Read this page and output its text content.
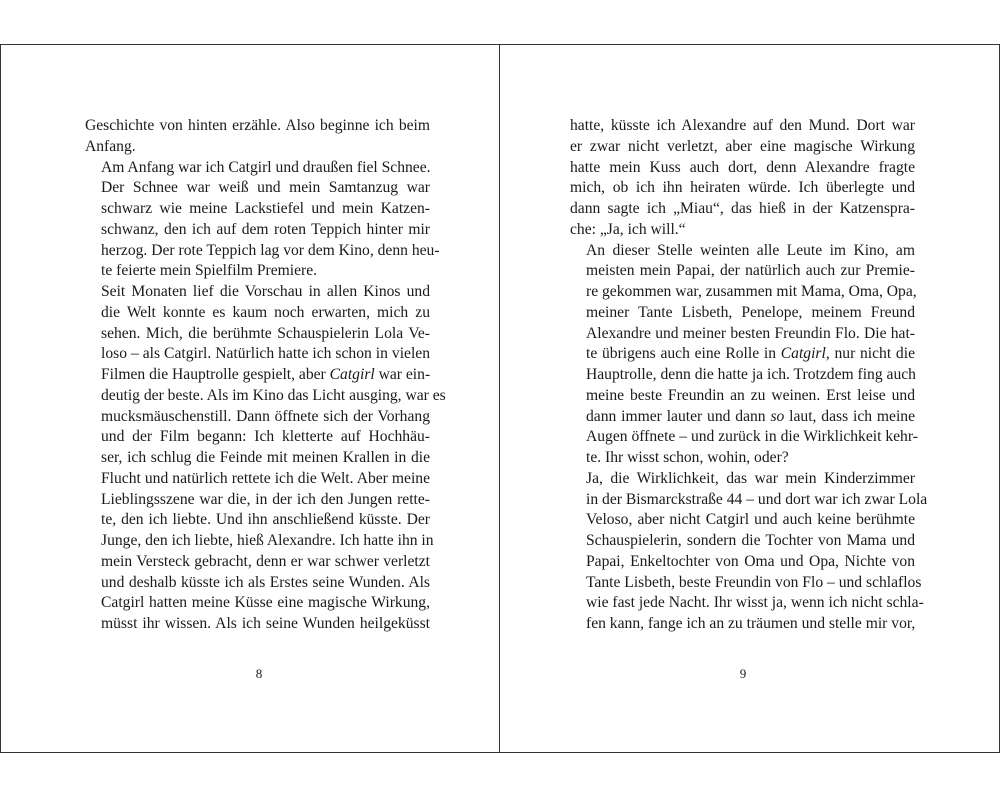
Geschichte von hinten erzähle. Also beginne ich beim
Anfang.

Am Anfang war ich Catgirl und draußen fiel Schnee.
Der Schnee war weiß und mein Samtanzug war
schwarz wie meine Lackstiefel und mein Katzen-
schwanz, den ich auf dem roten Teppich hinter mir
herzog. Der rote Teppich lag vor dem Kino, denn heu-
te feierte mein Spielfilm Premiere.

Seit Monaten lief die Vorschau in allen Kinos und
die Welt konnte es kaum noch erwarten, mich zu
sehen. Mich, die berühmte Schauspielerin Lola Ve-
loso – als Catgirl. Natürlich hatte ich schon in vielen
Filmen die Hauptrolle gespielt, aber Catgirl war ein-
deutig der beste. Als im Kino das Licht ausging, war es
mucksmäuschenstill. Dann öffnete sich der Vorhang
und der Film begann: Ich kletterte auf Hochhäu-
ser, ich schlug die Feinde mit meinen Krallen in die
Flucht und natürlich rettete ich die Welt. Aber meine
Lieblingsszene war die, in der ich den Jungen rette-
te, den ich liebte. Und ihn anschließend küsste. Der
Junge, den ich liebte, hieß Alexandre. Ich hatte ihn in
mein Versteck gebracht, denn er war schwer verletzt
und deshalb küsste ich als Erstes seine Wunden. Als
Catgirl hatten meine Küsse eine magische Wirkung,
müsst ihr wissen. Als ich seine Wunden heilgeküsst

8

hatte, küsste ich Alexandre auf den Mund. Dort war
er zwar nicht verletzt, aber eine magische Wirkung
hatte mein Kuss auch dort, denn Alexandre fragte
mich, ob ich ihn heiraten würde. Ich überlegte und
dann sagte ich „Miau“, das hieß in der Katzenspra-
che: „Ja, ich will.“

An dieser Stelle weinten alle Leute im Kino, am
meisten mein Papai, der natürlich auch zur Premie-
re gekommen war, zusammen mit Mama, Oma, Opa,
meiner Tante Lisbeth, Penelope, meinem Freund
Alexandre und meiner besten Freundin Flo. Die hat-
te übrigens auch eine Rolle in Catgirl, nur nicht die
Hauptrolle, denn die hatte ja ich. Trotzdem fing auch
meine beste Freundin an zu weinen. Erst leise und
dann immer lauter und dann so laut, dass ich meine
Augen öffnete – und zurück in die Wirklichkeit kehr-
te. Ihr wisst schon, wohin, oder?

Ja, die Wirklichkeit, das war mein Kinderzimmer
in der Bismarckstraße 44 – und dort war ich zwar Lola
Veloso, aber nicht Catgirl und auch keine berühmte
Schauspielerin, sondern die Tochter von Mama und
Papai, Enkeltochter von Oma und Opa, Nichte von
Tante Lisbeth, beste Freundin von Flo – und schlaflos
wie fast jede Nacht. Ihr wisst ja, wenn ich nicht schla-
fen kann, fange ich an zu träumen und stelle mir vor,

9
